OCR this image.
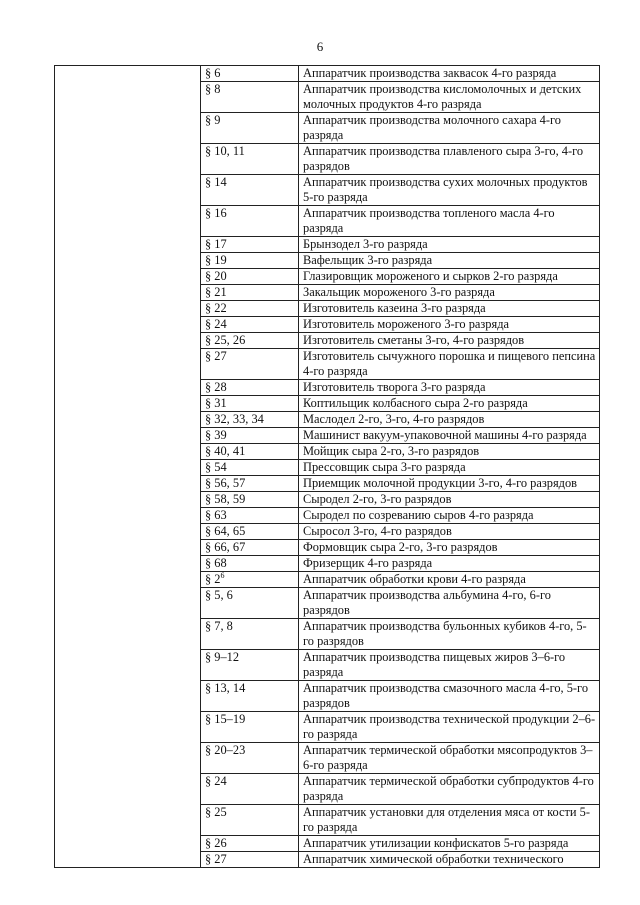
6
	§ 6	Аппаратчик производства заквасок 4-го разряда
	§ 8	Аппаратчик производства кисломолочных и детских молочных продуктов 4-го разряда
	§ 9	Аппаратчик производства молочного сахара 4-го разряда
	§ 10, 11	Аппаратчик производства плавленого сыра 3-го, 4-го разрядов
	§ 14	Аппаратчик производства сухих молочных продуктов 5-го разряда
	§ 16	Аппаратчик производства топленого масла 4-го разряда
	§ 17	Брынзодел 3-го разряда
	§ 19	Вафельщик 3-го разряда
	§ 20	Глазировщик мороженого и сырков 2-го разряда
	§ 21	Закальщик мороженого 3-го разряда
	§ 22	Изготовитель казеина 3-го разряда
	§ 24	Изготовитель мороженого 3-го разряда
	§ 25, 26	Изготовитель сметаны 3-го, 4-го разрядов
	§ 27	Изготовитель сычужного порошка и пищевого пепсина 4-го разряда
	§ 28	Изготовитель творога 3-го разряда
	§ 31	Коптильщик колбасного сыра 2-го разряда
	§ 32, 33, 34	Маслодел 2-го, 3-го, 4-го разрядов
	§ 39	Машинист вакуум-упаковочной машины 4-го разряда
	§ 40, 41	Мойщик сыра 2-го, 3-го разрядов
	§ 54	Прессовщик сыра 3-го разряда
	§ 56, 57	Приемщик молочной продукции 3-го, 4-го разрядов
	§ 58, 59	Сыродел 2-го, 3-го разрядов
	§ 63	Сыродел по созреванию сыров 4-го разряда
	§ 64, 65	Сыросол 3-го, 4-го разрядов
	§ 66, 67	Формовщик сыра 2-го, 3-го разрядов
	§ 68	Фризерщик 4-го разряда
	§ $2^6$	Аппаратчик обработки крови 4-го разряда
	§ 5, 6	Аппаратчик производства альбумина 4-го, 6-го разрядов
	§ 7, 8	Аппаратчик производства бульонных кубиков 4-го, 5-го разрядов
	§ 9–12	Аппаратчик производства пищевых жиров 3–6-го разряда
	§ 13, 14	Аппаратчик производства смазочного масла 4-го, 5-го разрядов
	§ 15–19	Аппаратчик производства технической продукции 2–6-го разряда
	§ 20–23	Аппаратчик термической обработки мясопродуктов 3–6-го разряда
	§ 24	Аппаратчик термической обработки субпродуктов 4-го разряда
	§ 25	Аппаратчик установки для отделения мяса от кости 5-го разряда
	§ 26	Аппаратчик утилизации конфискатов 5-го разряда
	§ 27	Аппаратчик химической обработки технического
